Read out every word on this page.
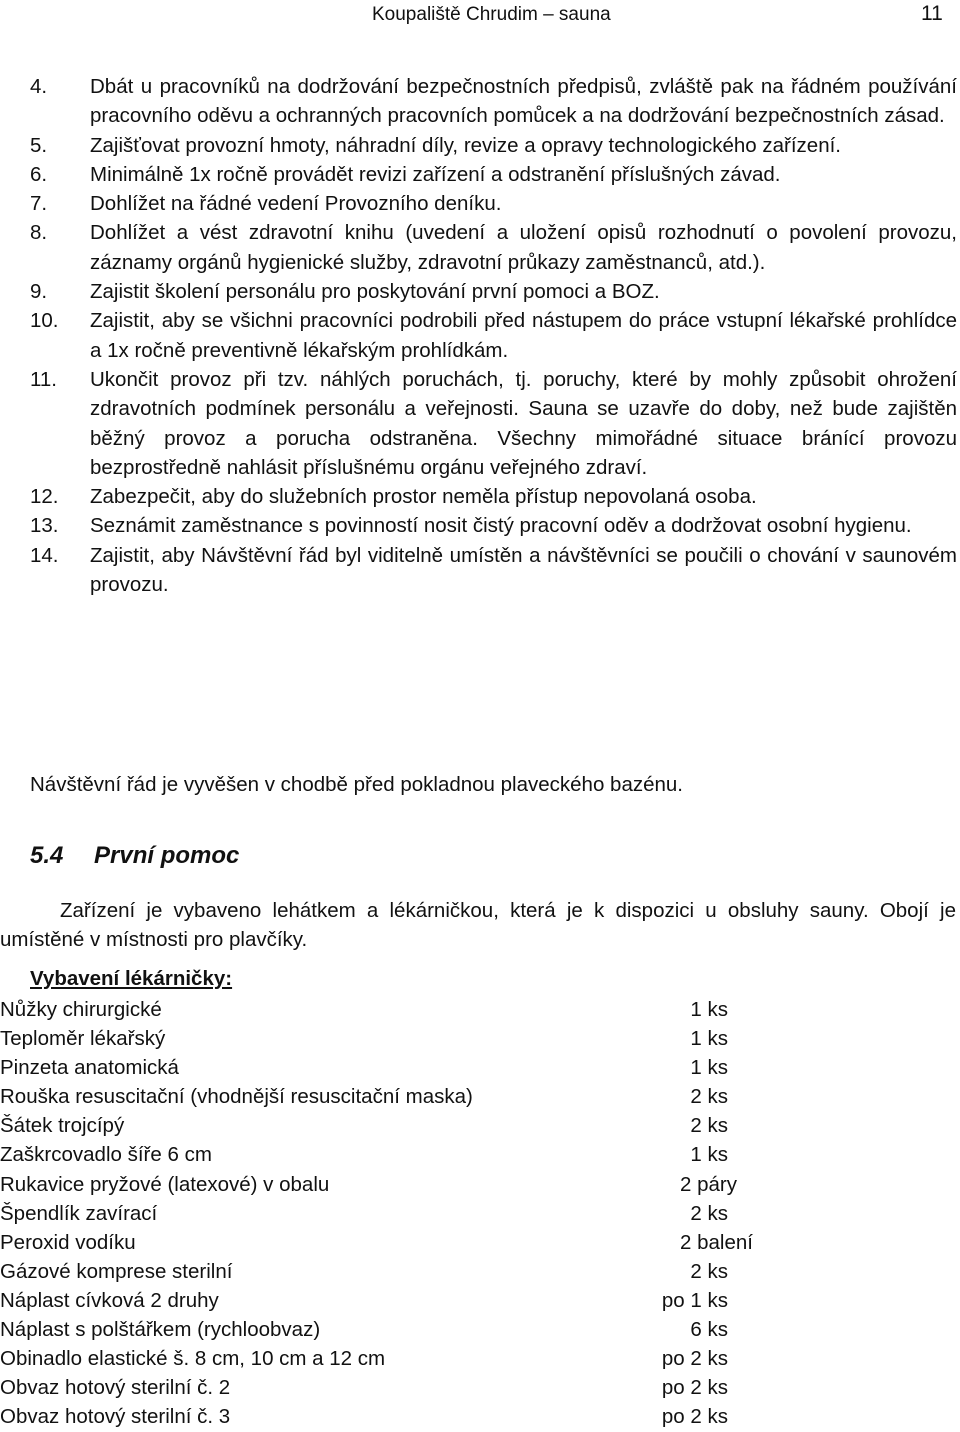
Koupaliště Chrudim – sauna	11
4.	Dbát u pracovníků na dodržování bezpečnostních předpisů, zvláště pak na řádném používání pracovního oděvu a ochranných pracovních pomůcek a na dodržování bezpečnostních zásad.
5.	Zajišťovat provozní hmoty, náhradní díly, revize a opravy technologického zařízení.
6.	Minimálně 1x ročně provádět revizi zařízení a odstranění příslušných závad.
7.	Dohlížet na řádné vedení Provozního deníku.
8.	Dohlížet a vést zdravotní knihu (uvedení a uložení opisů rozhodnutí o povolení provozu, záznamy orgánů hygienické služby, zdravotní průkazy zaměstnanců, atd.).
9.	Zajistit školení personálu pro poskytování první pomoci a BOZ.
10.	Zajistit, aby se všichni pracovníci podrobili před nástupem do práce vstupní lékařské prohlídce a 1x ročně preventivně lékařským prohlídkám.
11.	Ukončit provoz při tzv. náhlých poruchách, tj. poruchy, které by mohly způsobit ohrožení zdravotních podmínek personálu a veřejnosti. Sauna se uzavře do doby, než bude zajištěn běžný provoz a porucha odstraněna. Všechny mimořádné situace bránící provozu bezprostředně nahlásit příslušnému orgánu veřejného zdraví.
12.	Zabezpečit, aby do služebních prostor neměla přístup nepovolaná osoba.
13.	Seznámit zaměstnance s povinností nosit čistý pracovní oděv a dodržovat osobní hygienu.
14.	Zajistit, aby Návštěvní řád byl viditelně umístěn a návštěvníci se poučili o chování v saunovém provozu.
Návštěvní řád je vyvěšen v chodbě před pokladnou plaveckého bazénu.
5.4 První pomoc
Zařízení je vybaveno lehátkem a lékárničkou, která je k dispozici u obsluhy sauny. Obojí je umístěné v místnosti pro plavčíky.
Vybavení lékárničky:
Nůžky chirurgické	1 ks
Teploměr lékařský	1 ks
Pinzeta anatomická	1 ks
Rouška resuscitační (vhodnější resuscitační maska)	2 ks
Šátek trojcípý	2 ks
Zaškrcovadlo šíře 6 cm	1 ks
Rukavice pryžové (latexové) v obalu	2 páry
Špendlík zavírací	2 ks
Peroxid vodíku	2 balení
Gázové komprese sterilní	2 ks
Náplast cívková 2 druhy	po 1 ks
Náplast s polštářkem (rychloobvaz)	6 ks
Obinadlo elastické š. 8 cm, 10 cm a 12 cm	po 2 ks
Obvaz hotový sterilní č. 2	po 2 ks
Obvaz hotový sterilní č. 3	po 2 ks
